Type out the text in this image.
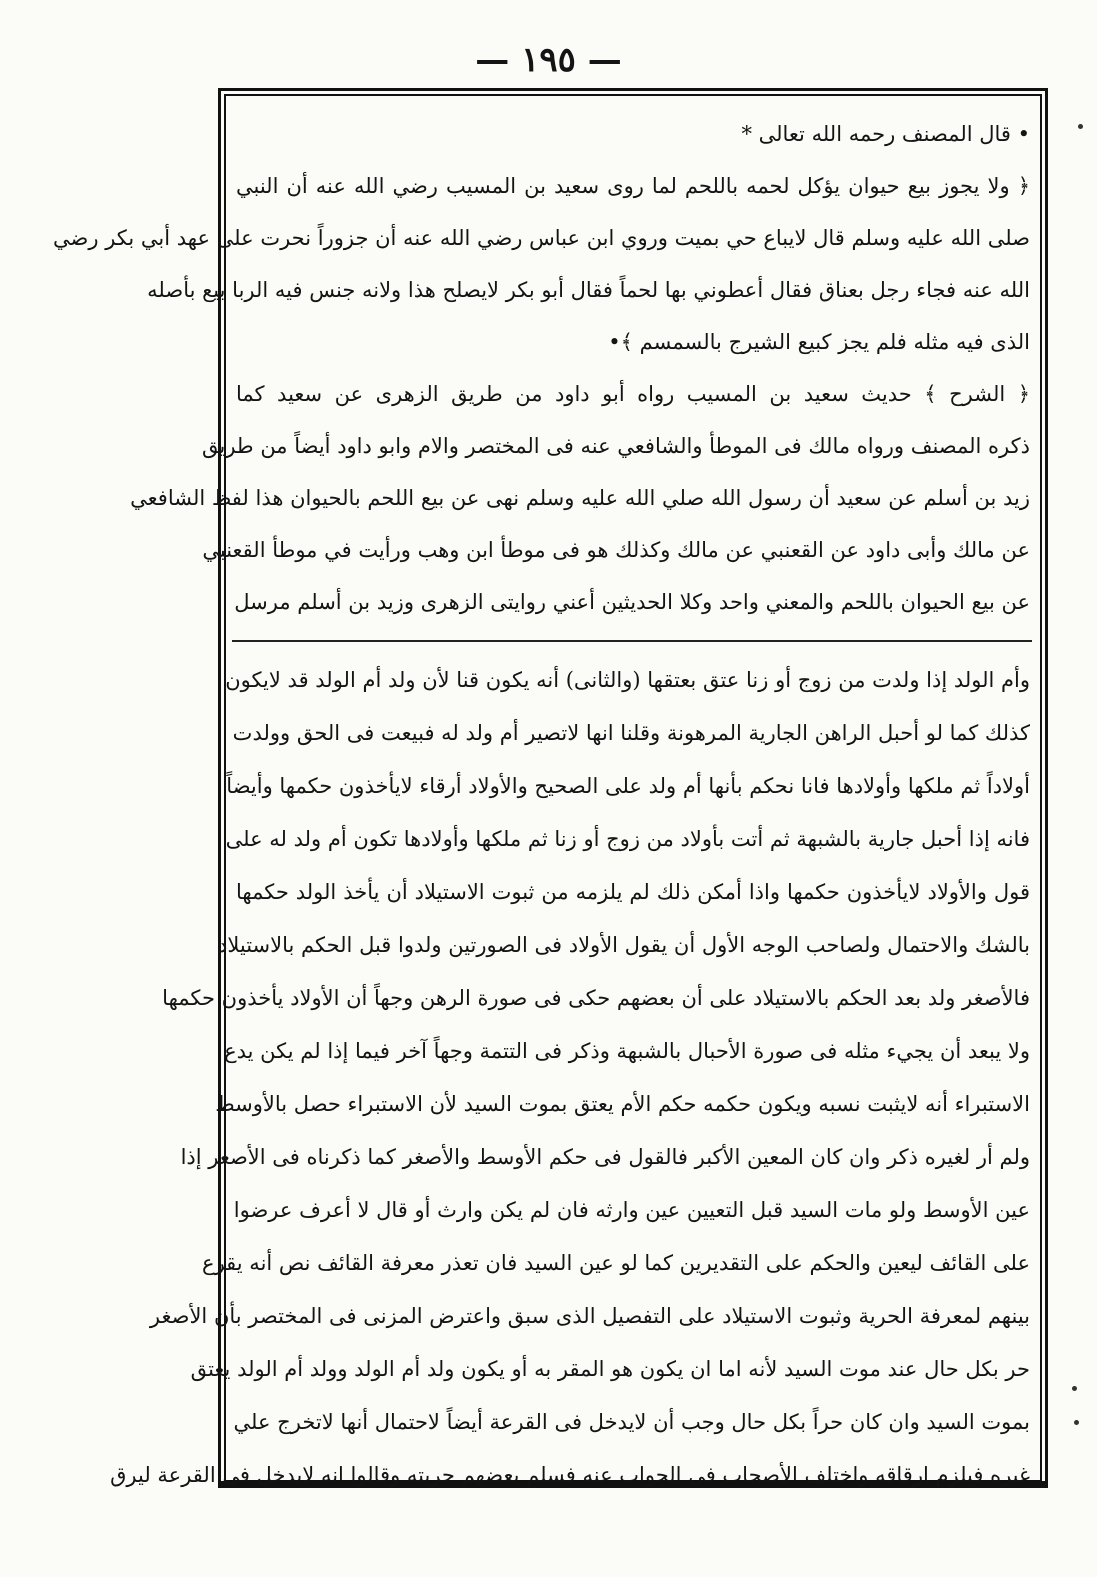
— ١٩٥ —
• قال المصنف رحمه الله تعالى *
﴿ ولا يجوز بيع حيوان يؤكل لحمه باللحم لما روى سعيد بن المسيب رضي الله عنه أن النبي
صلى الله عليه وسلم قال لايباع حي بميت وروي ابن عباس رضي الله عنه أن جزوراً نحرت على عهد أبي بكر رضي
الله عنه فجاء رجل بعناق فقال أعطوني بها لحماً فقال أبو بكر لايصلح هذا ولانه جنس فيه الربا بيع بأصله
الذى فيه مثله فلم يجز كبيع الشيرج بالسمسم ﴾•
﴿ الشرح ﴾ حديث سعيد بن المسيب رواه أبو داود من طريق الزهرى عن سعيد كما
ذكره المصنف ورواه مالك فى الموطأ والشافعي عنه فى المختصر والام وابو داود أيضاً من طريق
زيد بن أسلم عن سعيد أن رسول الله صلي الله عليه وسلم نهى عن بيع اللحم بالحيوان هذا لفظ الشافعي
عن مالك وأبى داود عن القعنبي عن مالك وكذلك هو فى موطأ ابن وهب ورأيت في موطأ القعنبي
عن بيع الحيوان باللحم والمعني واحد وكلا الحديثين أعني روايتى الزهرى وزيد بن أسلم مرسل
وأم الولد إذا ولدت من زوج أو زنا عتق بعتقها (والثانى) أنه يكون قنا لأن ولد أم الولد قد لايكون
كذلك كما لو أحبل الراهن الجارية المرهونة وقلنا انها لاتصير أم ولد له فبيعت فى الحق وولدت
أولاداً ثم ملكها وأولادها فانا نحكم بأنها أم ولد على الصحيح والأولاد أرقاء لايأخذون حكمها وأيضاً
فانه إذا أحبل جارية بالشبهة ثم أتت بأولاد من زوج أو زنا ثم ملكها وأولادها تكون أم ولد له على
قول والأولاد لايأخذون حكمها واذا أمكن ذلك لم يلزمه من ثبوت الاستيلاد أن يأخذ الولد حكمها
بالشك والاحتمال ولصاحب الوجه الأول أن يقول الأولاد فى الصورتين ولدوا قبل الحكم بالاستيلاد
فالأصغر ولد بعد الحكم بالاستيلاد على أن بعضهم حكى فى صورة الرهن وجهاً أن الأولاد يأخذون حكمها
ولا يبعد أن يجيء مثله فى صورة الأحبال بالشبهة وذكر فى التتمة وجهاً آخر فيما إذا لم يكن يدع
الاستبراء أنه لايثبت نسبه ويكون حكمه حكم الأم يعتق بموت السيد لأن الاستبراء حصل بالأوسط
ولم أر لغيره ذكر وان كان المعين الأكبر فالقول فى حكم الأوسط والأصغر كما ذكرناه فى الأصغر إذا
عين الأوسط ولو مات السيد قبل التعيين عين وارثه فان لم يكن وارث أو قال لا أعرف عرضوا
على القائف ليعين والحكم على التقديرين كما لو عين السيد فان تعذر معرفة القائف نص أنه يقرع
بينهم لمعرفة الحرية وثبوت الاستيلاد على التفصيل الذى سبق واعترض المزنى فى المختصر بأن الأصغر
حر بكل حال عند موت السيد لأنه اما ان يكون هو المقر به أو يكون ولد أم الولد وولد أم الولد يعتق
بموت السيد وان كان حراً بكل حال وجب أن لايدخل فى القرعة أيضاً لاحتمال أنها لاتخرج علي
غيره فيلزم ارقاقه واختلف الأصحاب فى الجواب عنه فسلم بعضهم حريته وقالوا انه لايدخل فى القرعة ليرق
